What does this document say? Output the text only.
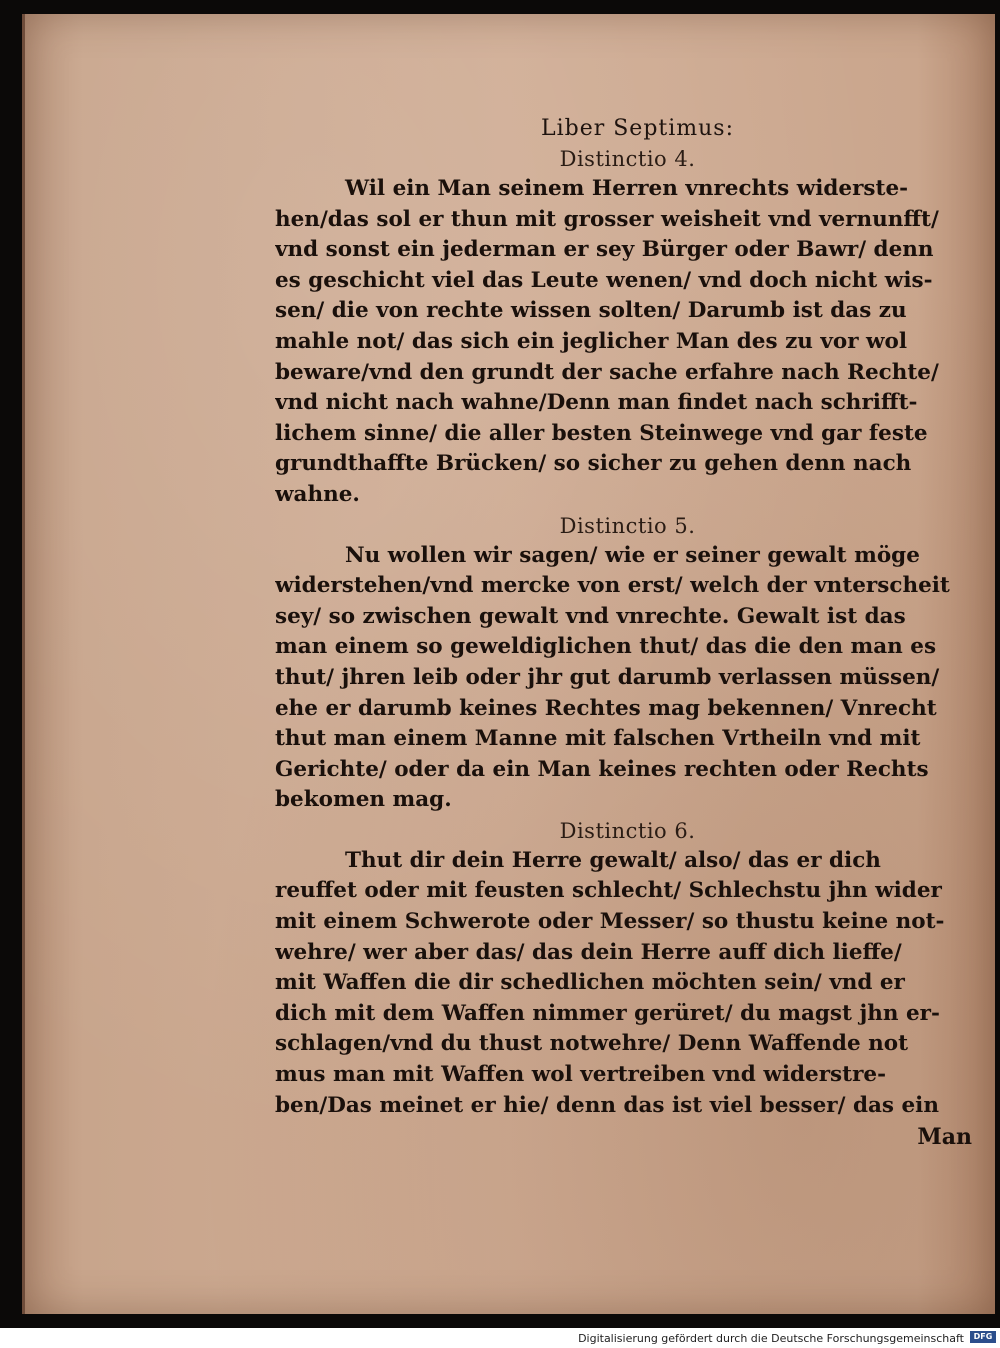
Liber Septimus:
Distinctio 4.
Wil ein Man seinem Herren vnrechts widerste-
hen/das sol er thun mit grosser weisheit vnd vernunfft/
vnd sonst ein jederman er sey Bürger oder Bawr/ denn
es geschicht viel das Leute wenen/ vnd doch nicht wis-
sen/ die von rechte wissen solten/ Darumb ist das zu
mahle not/ das sich ein jeglicher Man des zu vor wol
beware/vnd den grundt der sache erfahre nach Rechte/
vnd nicht nach wahne/Denn man findet nach schrifft-
lichem sinne/ die aller besten Steinwege vnd gar feste
grundthaffte Brücken/ so sicher zu gehen denn nach
wahne.
Distinctio 5.
Nu wollen wir sagen/ wie er seiner gewalt möge
widerstehen/vnd mercke von erst/ welch der vnterscheit
sey/ so zwischen gewalt vnd vnrechte. Gewalt ist das
man einem so geweldiglichen thut/ das die den man es
thut/ jhren leib oder jhr gut darumb verlassen müssen/
ehe er darumb keines Rechtes mag bekennen/ Vnrecht
thut man einem Manne mit falschen Vrtheiln vnd mit
Gerichte/ oder da ein Man keines rechten oder Rechts
bekomen mag.
Distinctio 6.
Thut dir dein Herre gewalt/ also/ das er dich
reuffet oder mit feusten schlecht/ Schlechstu jhn wider
mit einem Schwerote oder Messer/ so thustu keine not-
wehre/ wer aber das/ das dein Herre auff dich lieffe/
mit Waffen die dir schedlichen möchten sein/ vnd er
dich mit dem Waffen nimmer gerüret/ du magst jhn er-
schlagen/vnd du thust notwehre/ Denn Waffende not
mus man mit Waffen wol vertreiben vnd widerstre-
ben/Das meinet er hie/ denn das ist viel besser/ das ein
Man
Digitalisierung gefördert durch die Deutsche Forschungsgemeinschaft DFG
